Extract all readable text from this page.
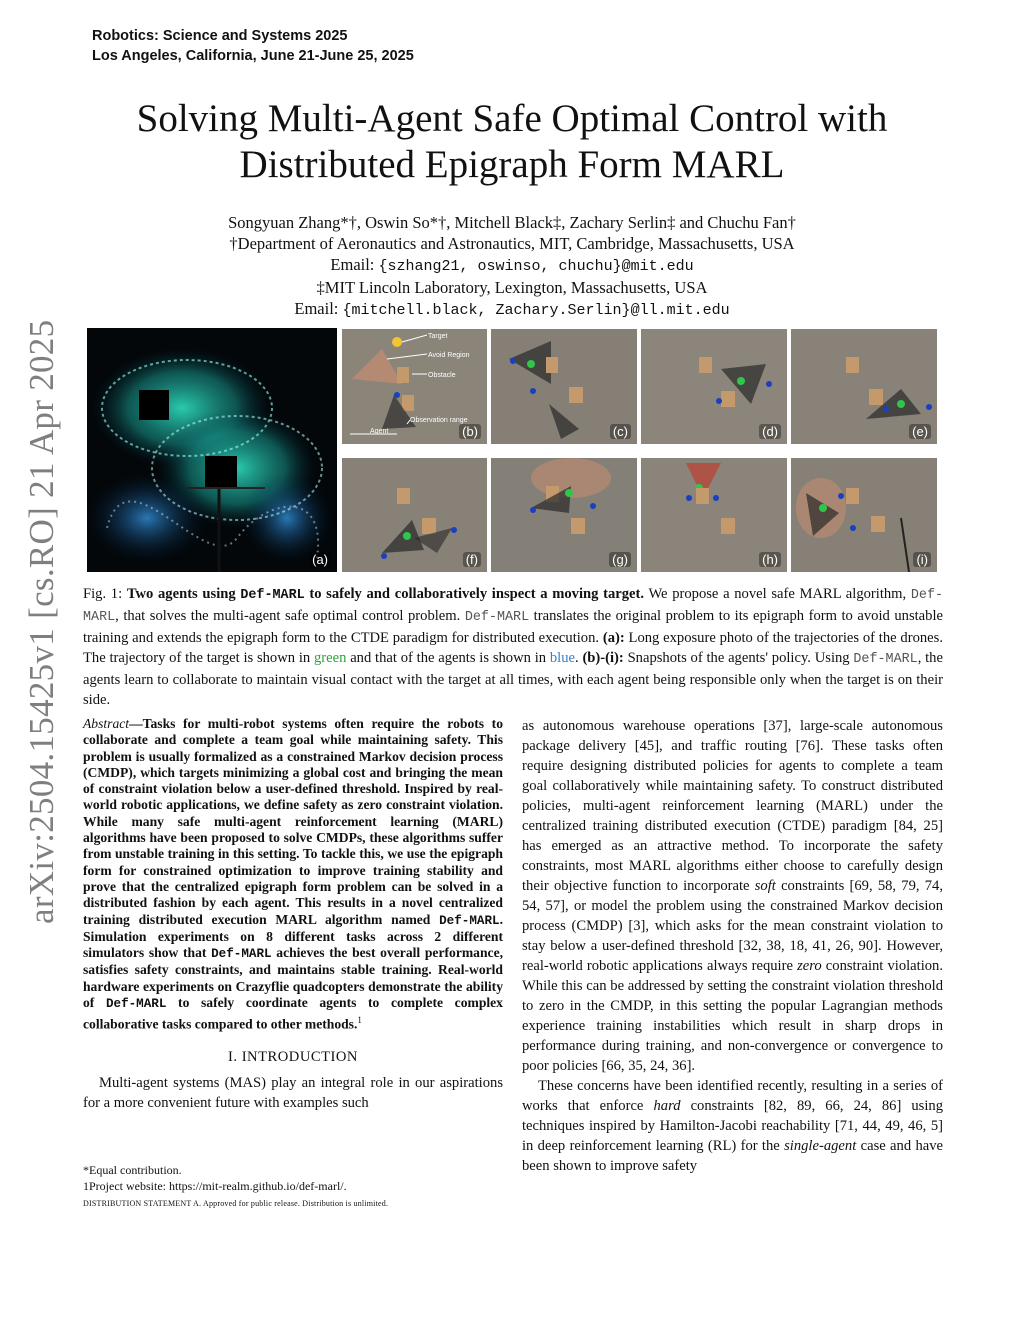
Robotics: Science and Systems 2025
Los Angeles, California, June 21-June 25, 2025
arXiv:2504.15425v1 [cs.RO] 21 Apr 2025
Solving Multi-Agent Safe Optimal Control with
Distributed Epigraph Form MARL
Songyuan Zhang*†, Oswin So*†, Mitchell Black‡, Zachary Serlin‡ and Chuchu Fan†
†Department of Aeronautics and Astronautics, MIT, Cambridge, Massachusetts, USA
Email: {szhang21, oswinso, chuchu}@mit.edu
‡MIT Lincoln Laboratory, Lexington, Massachusetts, USA
Email: {mitchell.black, Zachary.Serlin}@ll.mit.edu
(a)
Target
Avoid Region
Obstacle
Observation range
Agent	(b)	(c)	(d)	(e)
(f)	(g)	(h)	(i)
Fig. 1: Two agents using Def-MARL to safely and collaboratively inspect a moving target. We propose a novel safe MARL algorithm, Def-MARL, that solves the multi-agent safe optimal control problem. Def-MARL translates the original problem to its epigraph form to avoid unstable training and extends the epigraph form to the CTDE paradigm for distributed execution. (a): Long exposure photo of the trajectories of the drones. The trajectory of the target is shown in green and that of the agents is shown in blue. (b)-(i): Snapshots of the agents' policy. Using Def-MARL, the agents learn to collaborate to maintain visual contact with the target at all times, with each agent being responsible only when the target is on their side.
Abstract—Tasks for multi-robot systems often require the robots to collaborate and complete a team goal while maintaining safety. This problem is usually formalized as a constrained Markov decision process (CMDP), which targets minimizing a global cost and bringing the mean of constraint violation below a user-defined threshold. Inspired by real-world robotic applications, we define safety as zero constraint violation. While many safe multi-agent reinforcement learning (MARL) algorithms have been proposed to solve CMDPs, these algorithms suffer from unstable training in this setting. To tackle this, we use the epigraph form for constrained optimization to improve training stability and prove that the centralized epigraph form problem can be solved in a distributed fashion by each agent. This results in a novel centralized training distributed execution MARL algorithm named Def-MARL. Simulation experiments on 8 different tasks across 2 different simulators show that Def-MARL achieves the best overall performance, satisfies safety constraints, and maintains stable training. Real-world hardware experiments on Crazyflie quadcopters demonstrate the ability of Def-MARL to safely coordinate agents to complete complex collaborative tasks compared to other methods.$^1$
I. INTRODUCTION
Multi-agent systems (MAS) play an integral role in our aspirations for a more convenient future with examples such
*Equal contribution.
1Project website: https://mit-realm.github.io/def-marl/.
DISTRIBUTION STATEMENT A. Approved for public release. Distribution is unlimited.

as autonomous warehouse operations [37], large-scale autonomous package delivery [45], and traffic routing [76]. These tasks often require designing distributed policies for agents to complete a team goal collaboratively while maintaining safety. To construct distributed policies, multi-agent reinforcement learning (MARL) under the centralized training distributed execution (CTDE) paradigm [84, 25] has emerged as an attractive method. To incorporate the safety constraints, most MARL algorithms either choose to carefully design their objective function to incorporate soft constraints [69, 58, 79, 74, 54, 57], or model the problem using the constrained Markov decision process (CMDP) [3], which asks for the mean constraint violation to stay below a user-defined threshold [32, 38, 18, 41, 26, 90]. However, real-world robotic applications always require zero constraint violation. While this can be addressed by setting the constraint violation threshold to zero in the CMDP, in this setting the popular Lagrangian methods experience training instabilities which result in sharp drops in performance during training, and non-convergence or convergence to poor policies [66, 35, 24, 36].

These concerns have been identified recently, resulting in a series of works that enforce hard constraints [82, 89, 66, 24, 86] using techniques inspired by Hamilton-Jacobi reachability [71, 44, 49, 46, 5] in deep reinforcement learning (RL) for the single-agent case and have been shown to improve safety
